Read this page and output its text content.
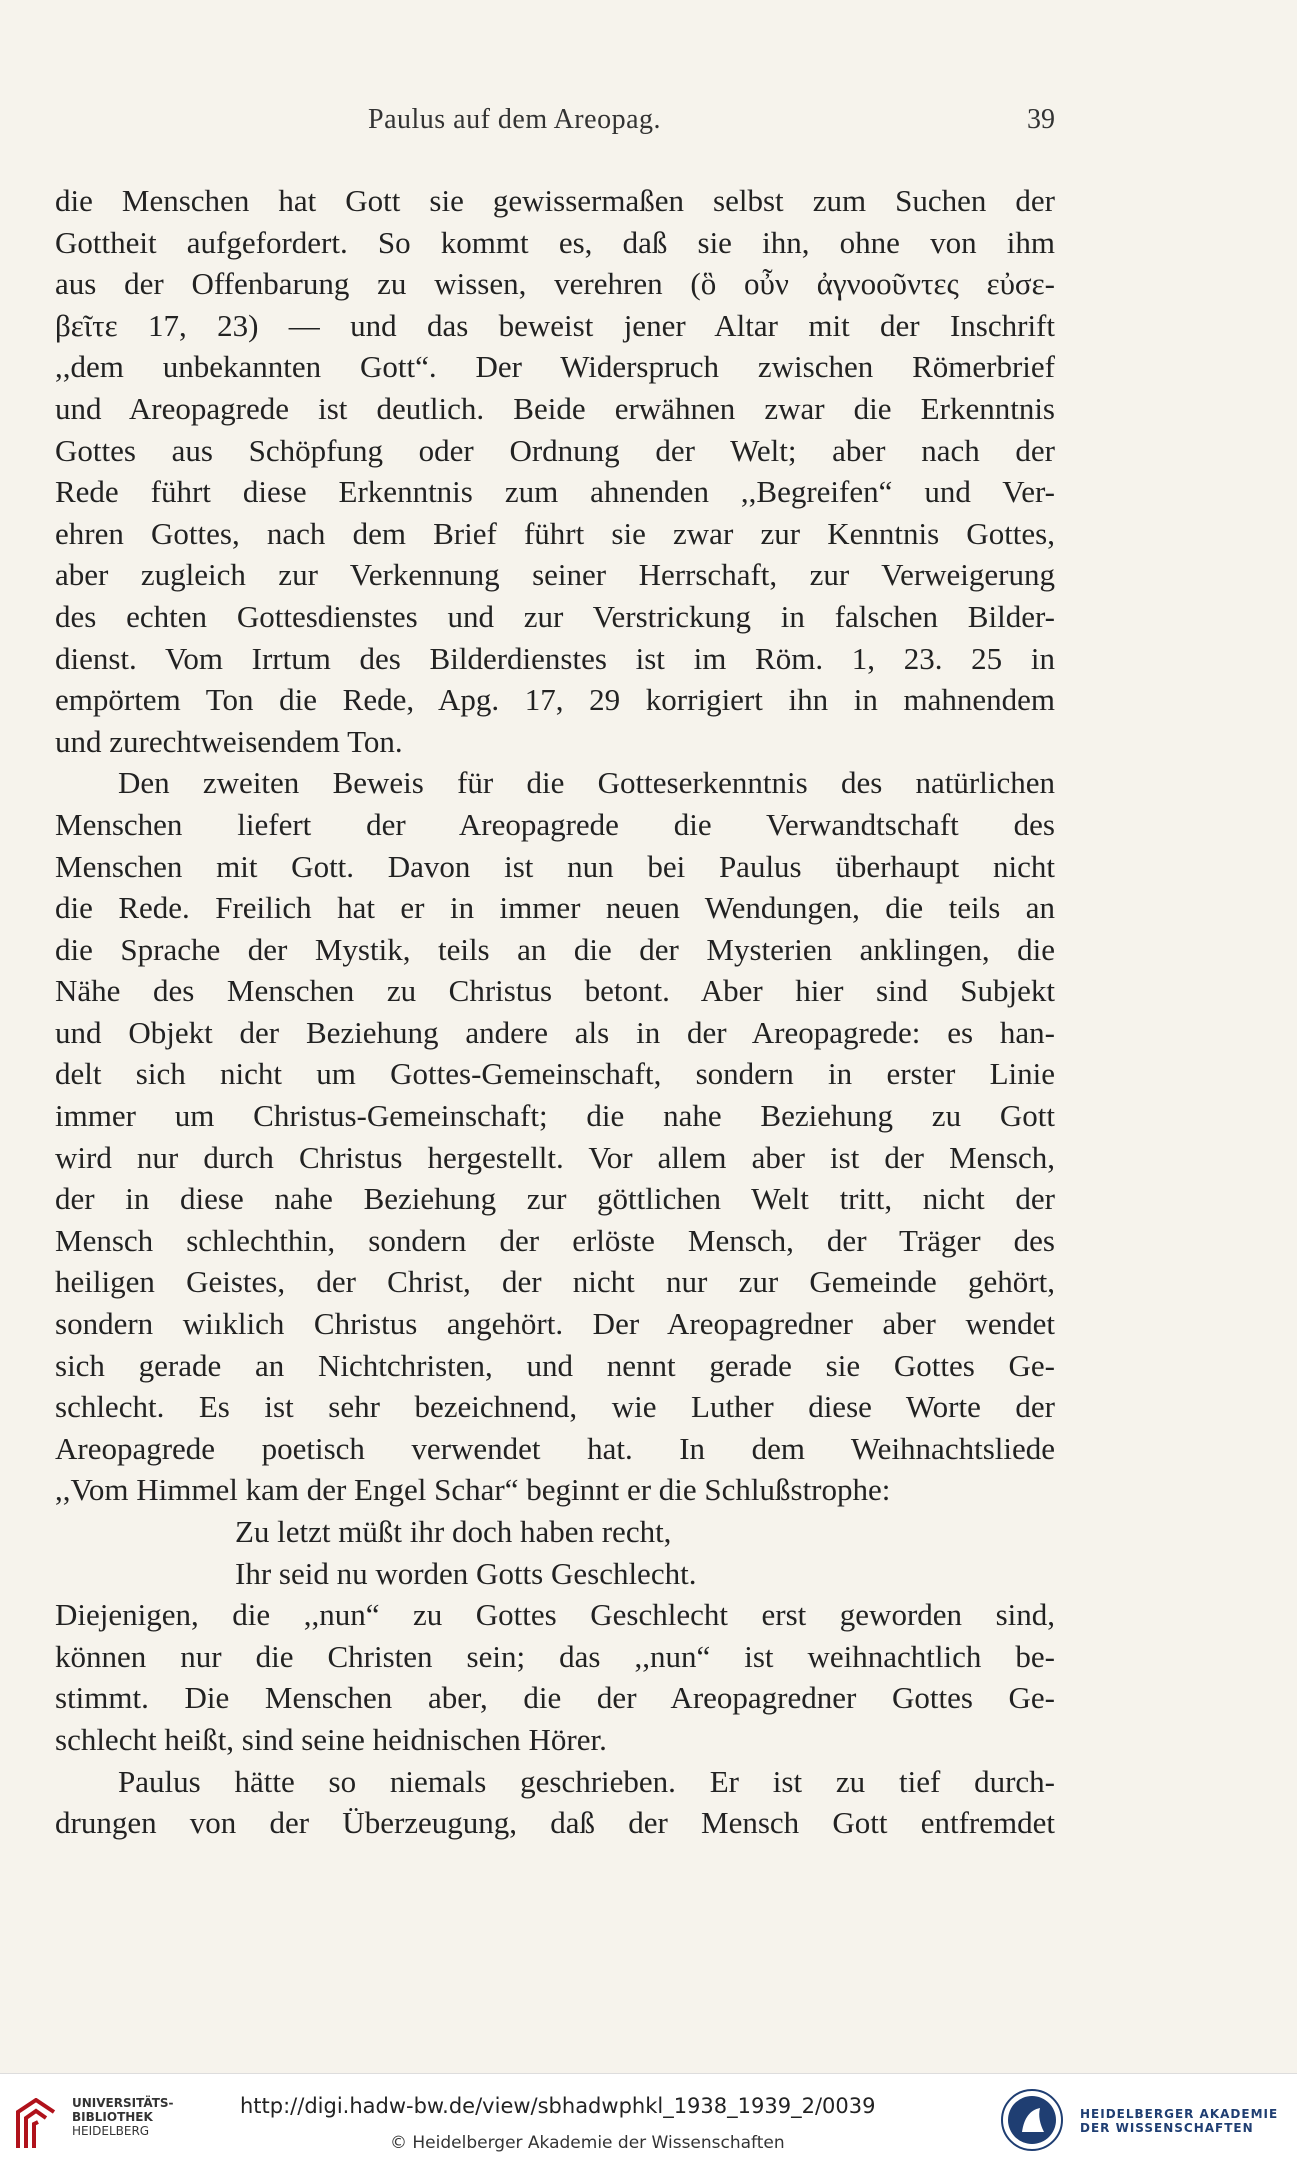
Paulus auf dem Areopag.	39
die Menschen hat Gott sie gewissermaßen selbst zum Suchen der
Gottheit aufgefordert. So kommt es, daß sie ihn, ohne von ihm
aus der Offenbarung zu wissen, verehren (ὃ οὖν ἀγνοοῦντες εὐσε-
βεῖτε 17, 23) — und das beweist jener Altar mit der Inschrift
,,dem unbekannten Gott“. Der Widerspruch zwischen Römerbrief
und Areopagrede ist deutlich. Beide erwähnen zwar die Erkenntnis
Gottes aus Schöpfung oder Ordnung der Welt; aber nach der
Rede führt diese Erkenntnis zum ahnenden ,,Begreifen“ und Ver-
ehren Gottes, nach dem Brief führt sie zwar zur Kenntnis Gottes,
aber zugleich zur Verkennung seiner Herrschaft, zur Verweigerung
des echten Gottesdienstes und zur Verstrickung in falschen Bilder-
dienst. Vom Irrtum des Bilderdienstes ist im Röm. 1, 23. 25 in
empörtem Ton die Rede, Apg. 17, 29 korrigiert ihn in mahnendem
und zurechtweisendem Ton.
Den zweiten Beweis für die Gotteserkenntnis des natürlichen
Menschen liefert der Areopagrede die Verwandtschaft des
Menschen mit Gott. Davon ist nun bei Paulus überhaupt nicht
die Rede. Freilich hat er in immer neuen Wendungen, die teils an
die Sprache der Mystik, teils an die der Mysterien anklingen, die
Nähe des Menschen zu Christus betont. Aber hier sind Subjekt
und Objekt der Beziehung andere als in der Areopagrede: es han-
delt sich nicht um Gottes-Gemeinschaft, sondern in erster Linie
immer um Christus-Gemeinschaft; die nahe Beziehung zu Gott
wird nur durch Christus hergestellt. Vor allem aber ist der Mensch,
der in diese nahe Beziehung zur göttlichen Welt tritt, nicht der
Mensch schlechthin, sondern der erlöste Mensch, der Träger des
heiligen Geistes, der Christ, der nicht nur zur Gemeinde gehört,
sondern wiıklich Christus angehört. Der Areopagredner aber wendet
sich gerade an Nichtchristen, und nennt gerade sie Gottes Ge-
schlecht. Es ist sehr bezeichnend, wie Luther diese Worte der
Areopagrede poetisch verwendet hat. In dem Weihnachtsliede
,,Vom Himmel kam der Engel Schar“ beginnt er die Schlußstrophe:
Zu letzt müßt ihr doch haben recht,
Ihr seid nu worden Gotts Geschlecht.
Diejenigen, die ,,nun“ zu Gottes Geschlecht erst geworden sind,
können nur die Christen sein; das ,,nun“ ist weihnachtlich be-
stimmt. Die Menschen aber, die der Areopagredner Gottes Ge-
schlecht heißt, sind seine heidnischen Hörer.
Paulus hätte so niemals geschrieben. Er ist zu tief durch-
drungen von der Überzeugung, daß der Mensch Gott entfremdet
UNIVERSITÄTS-
BIBLIOTHEK
HEIDELBERG
http://digi.hadw-bw.de/view/sbhadwphkl_1938_1939_2/0039
© Heidelberger Akademie der Wissenschaften
HEIDELBERGER AKADEMIE
DER WISSENSCHAFTEN
